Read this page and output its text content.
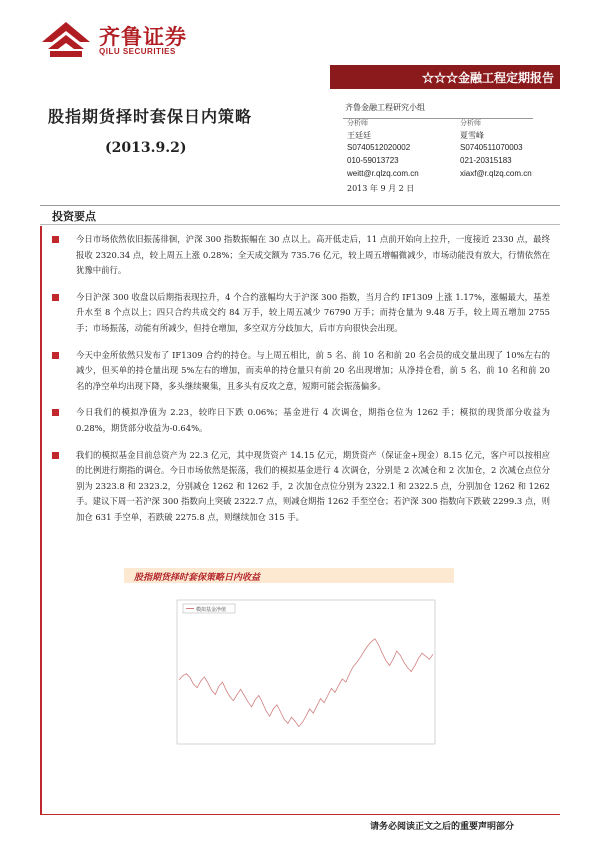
齐鲁证券
QILU SECURITIES
☆☆☆金融工程定期报告
股指期货择时套保日内策略
(2013.9.2)
齐鲁金融工程研究小组
分析师
王廷廷
S0740512020002
010-59013723
weitt@r.qlzq.com.cn
分析师
夏雪峰
S0740511070003
021-20315183
xiaxf@r.qlzq.com.cn
2013 年 9 月 2 日
投资要点

今日市场依然依旧振荡徘徊，沪深 300 指数振幅在 30 点以上。高开低走后，11 点前开始向上拉升，一度接近 2330 点，最终报收 2320.34 点，较上周五上涨 0.28%；全天成交额为 735.76 亿元，较上周五增幅微减少，市场动能没有放大，行情依然在犹豫中前行。

今日沪深 300 收盘以后期指表现拉升，4 个合约涨幅均大于沪深 300 指数，当月合约 IF1309 上涨 1.17%，涨幅最大，基差升水至 8 个点以上；四只合约共成交约 84 万手，较上周五减少 76790 万手；而持仓量为 9.48 万手，较上周五增加 2755 手；市场振荡，动能有所减少，但持仓增加，多空双方分歧加大，后市方向很快会出现。

今天中金所依然只发布了 IF1309 合约的持仓。与上周五相比，前 5 名、前 10 名和前 20 名会员的成交量出现了 10%左右的减少，但买单的持仓量出现 5%左右的增加，而卖单的持仓量只有前 20 名出现增加；从净持仓看，前 5 名、前 10 名和前 20 名的净空单均出现下降，多头继续聚集，且多头有反攻之意，短期可能会振荡偏多。

今日我们的模拟净值为 2.23，较昨日下跌 0.06%；基金进行 4 次调仓，期指仓位为 1262 手；模拟的现货部分收益为 0.28%，期货部分收益为-0.64%。

我们的模拟基金目前总资产为 22.3 亿元，其中现货资产 14.15 亿元，期货资产（保证金+现金）8.15 亿元，客户可以按相应的比例进行期指的调仓。今日市场依然是振荡，我们的模拟基金进行 4 次调仓，分别是 2 次减仓和 2 次加仓，2 次减仓点位分别为 2323.8 和 2323.2，分别减仓 1262 和 1262 手，2 次加仓点位分别为 2322.1 和 2322.5 点，分别加仓 1262 和 1262 手。建议下周一若沪深 300 指数向上突破 2322.7 点，则减仓期指 1262 手至空仓；若沪深 300 指数向下跌破 2299.3 点，则加仓 631 手空单，若跌破 2275.8 点，则继续加仓 315 手。

股指期货择时套保策略日内收益
模拟基金净值
请务必阅读正文之后的重要声明部分
